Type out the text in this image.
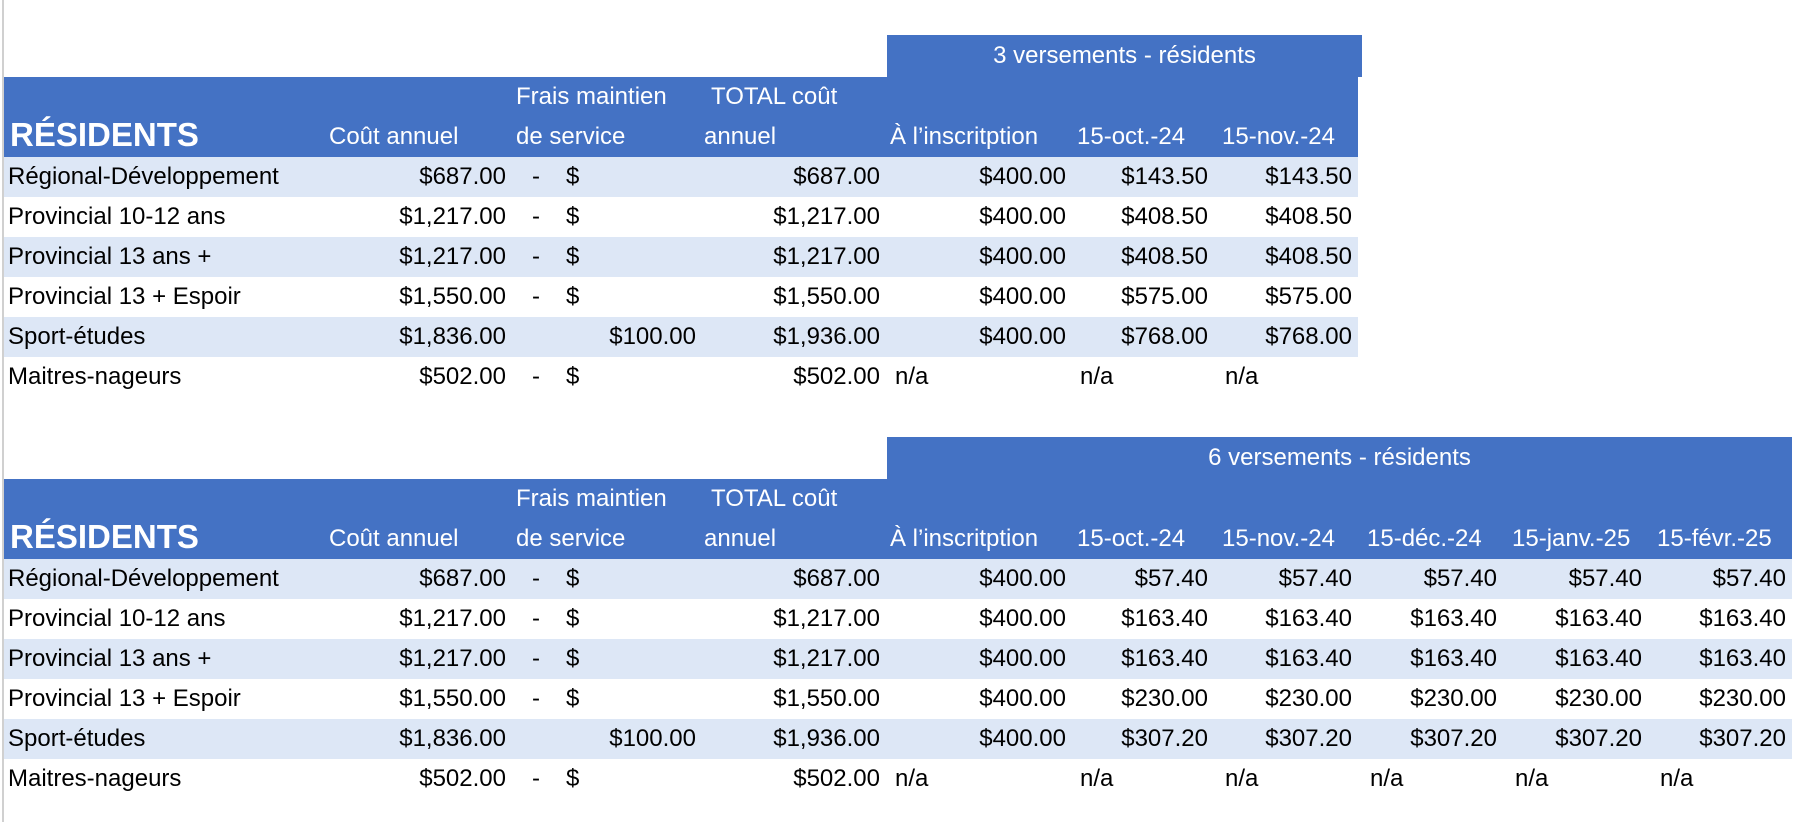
3 versements - résidents
RÉSIDENTS	Coût annuel
Frais maintien
de service
TOTAL coût
annuel	À l’inscritption 15-oct.-24 15-nov.-24
Régional-Développement	$687.00 - $	$687.00	$400.00	$143.50	$143.50
Provincial 10-12 ans	$1,217.00 - $	$1,217.00	$400.00	$408.50	$408.50
Provincial 13 ans +	$1,217.00 - $	$1,217.00	$400.00	$408.50	$408.50
Provincial 13 + Espoir	$1,550.00 - $	$1,550.00	$400.00	$575.00	$575.00
Sport-études	$1,836.00	$100.00	$1,936.00	$400.00	$768.00	$768.00
Maitres-nageurs	$502.00 - $	$502.00 n/a	n/a	n/a
6 versements - résidents
RÉSIDENTS	Coût annuel
Frais maintien
de service
TOTAL coût
annuel	À l’inscritption 15-oct.-24 15-nov.-24 15-déc.-24 15-janv.-25 15-févr.-25
Régional-Développement	$687.00 - $	$687.00	$400.00	$57.40	$57.40	$57.40	$57.40	$57.40
Provincial 10-12 ans	$1,217.00 - $	$1,217.00	$400.00	$163.40	$163.40	$163.40	$163.40	$163.40
Provincial 13 ans +	$1,217.00 - $	$1,217.00	$400.00	$163.40	$163.40	$163.40	$163.40	$163.40
Provincial 13 + Espoir	$1,550.00 - $	$1,550.00	$400.00	$230.00	$230.00	$230.00	$230.00	$230.00
Sport-études	$1,836.00	$100.00	$1,936.00	$400.00	$307.20	$307.20	$307.20	$307.20	$307.20
Maitres-nageurs	$502.00 - $	$502.00 n/a	n/a	n/a	n/a	n/a	n/a
